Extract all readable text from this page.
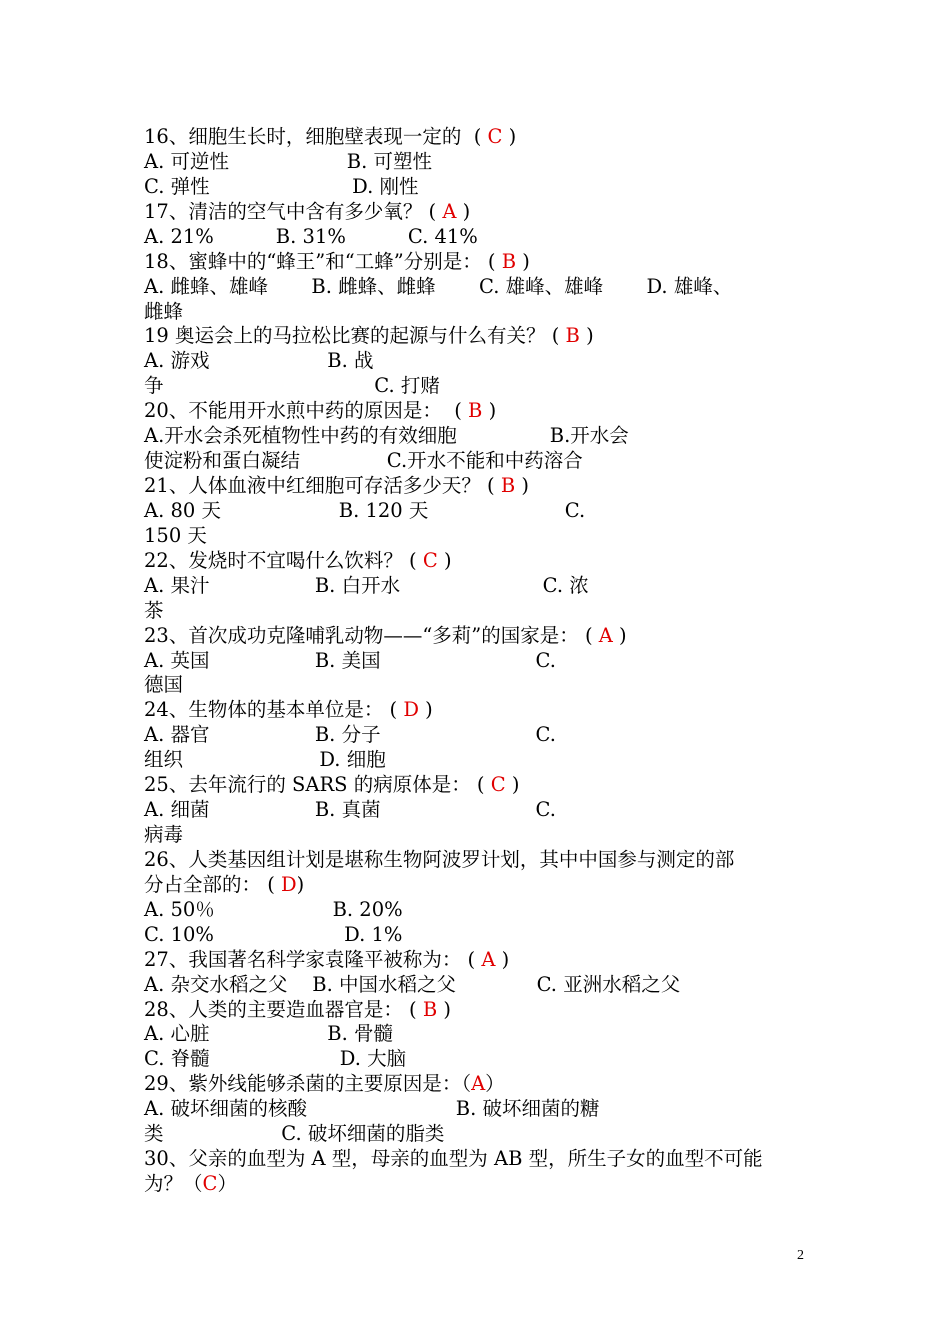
16、细胞生长时，细胞壁表现一定的  ( C )
A. 可逆性                   B. 可塑性
C. 弹性                       D. 刚性
17、清洁的空气中含有多少氧？ ( A )
A. 21%          B. 31%          C. 41%
18、蜜蜂中的“蜂王”和“工蜂”分别是： ( B )
A. 雌蜂、雄峰       B. 雌蜂、雌蜂       C. 雄峰、雄峰       D. 雄峰、
雌蜂
19 奥运会上的马拉松比赛的起源与什么有关？ ( B )
A. 游戏                   B. 战
争                                  C. 打赌
20、不能用开水煎中药的原因是：  ( B )
A.开水会杀死植物性中药的有效细胞               B.开水会
使淀粉和蛋白凝结              C.开水不能和中药溶合
21、人体血液中红细胞可存活多少天？ ( B )
A. 80 天                   B. 120 天                      C.
150 天
22、发烧时不宜喝什么饮料？ ( C )
A. 果汁                 B. 白开水                       C. 浓
茶
23、首次成功克隆哺乳动物——“多莉”的国家是： ( A )
A. 英国                 B. 美国                         C.
德国
24、生物体的基本单位是： ( D )
A. 器官                 B. 分子                         C.
组织                      D. 细胞
25、去年流行的 SARS 的病原体是： ( C )
A. 细菌                 B. 真菌                         C.
病毒
26、人类基因组计划是堪称生物阿波罗计划，其中中国参与测定的部
分占全部的： ( D)
A. 50％                   B. 20%
C. 10%                     D. 1%
27、我国著名科学家袁隆平被称为： ( A )
A. 杂交水稻之父    B. 中国水稻之父             C. 亚洲水稻之父
28、人类的主要造血器官是： ( B )
A. 心脏                   B. 骨髓
C. 脊髓                     D. 大脑
29、紫外线能够杀菌的主要原因是：（A）
A. 破坏细菌的核酸                        B. 破坏细菌的糖
类                   C. 破坏细菌的脂类
30、父亲的血型为 A 型，母亲的血型为 AB 型，所生子女的血型不可能
为？（C）
2
